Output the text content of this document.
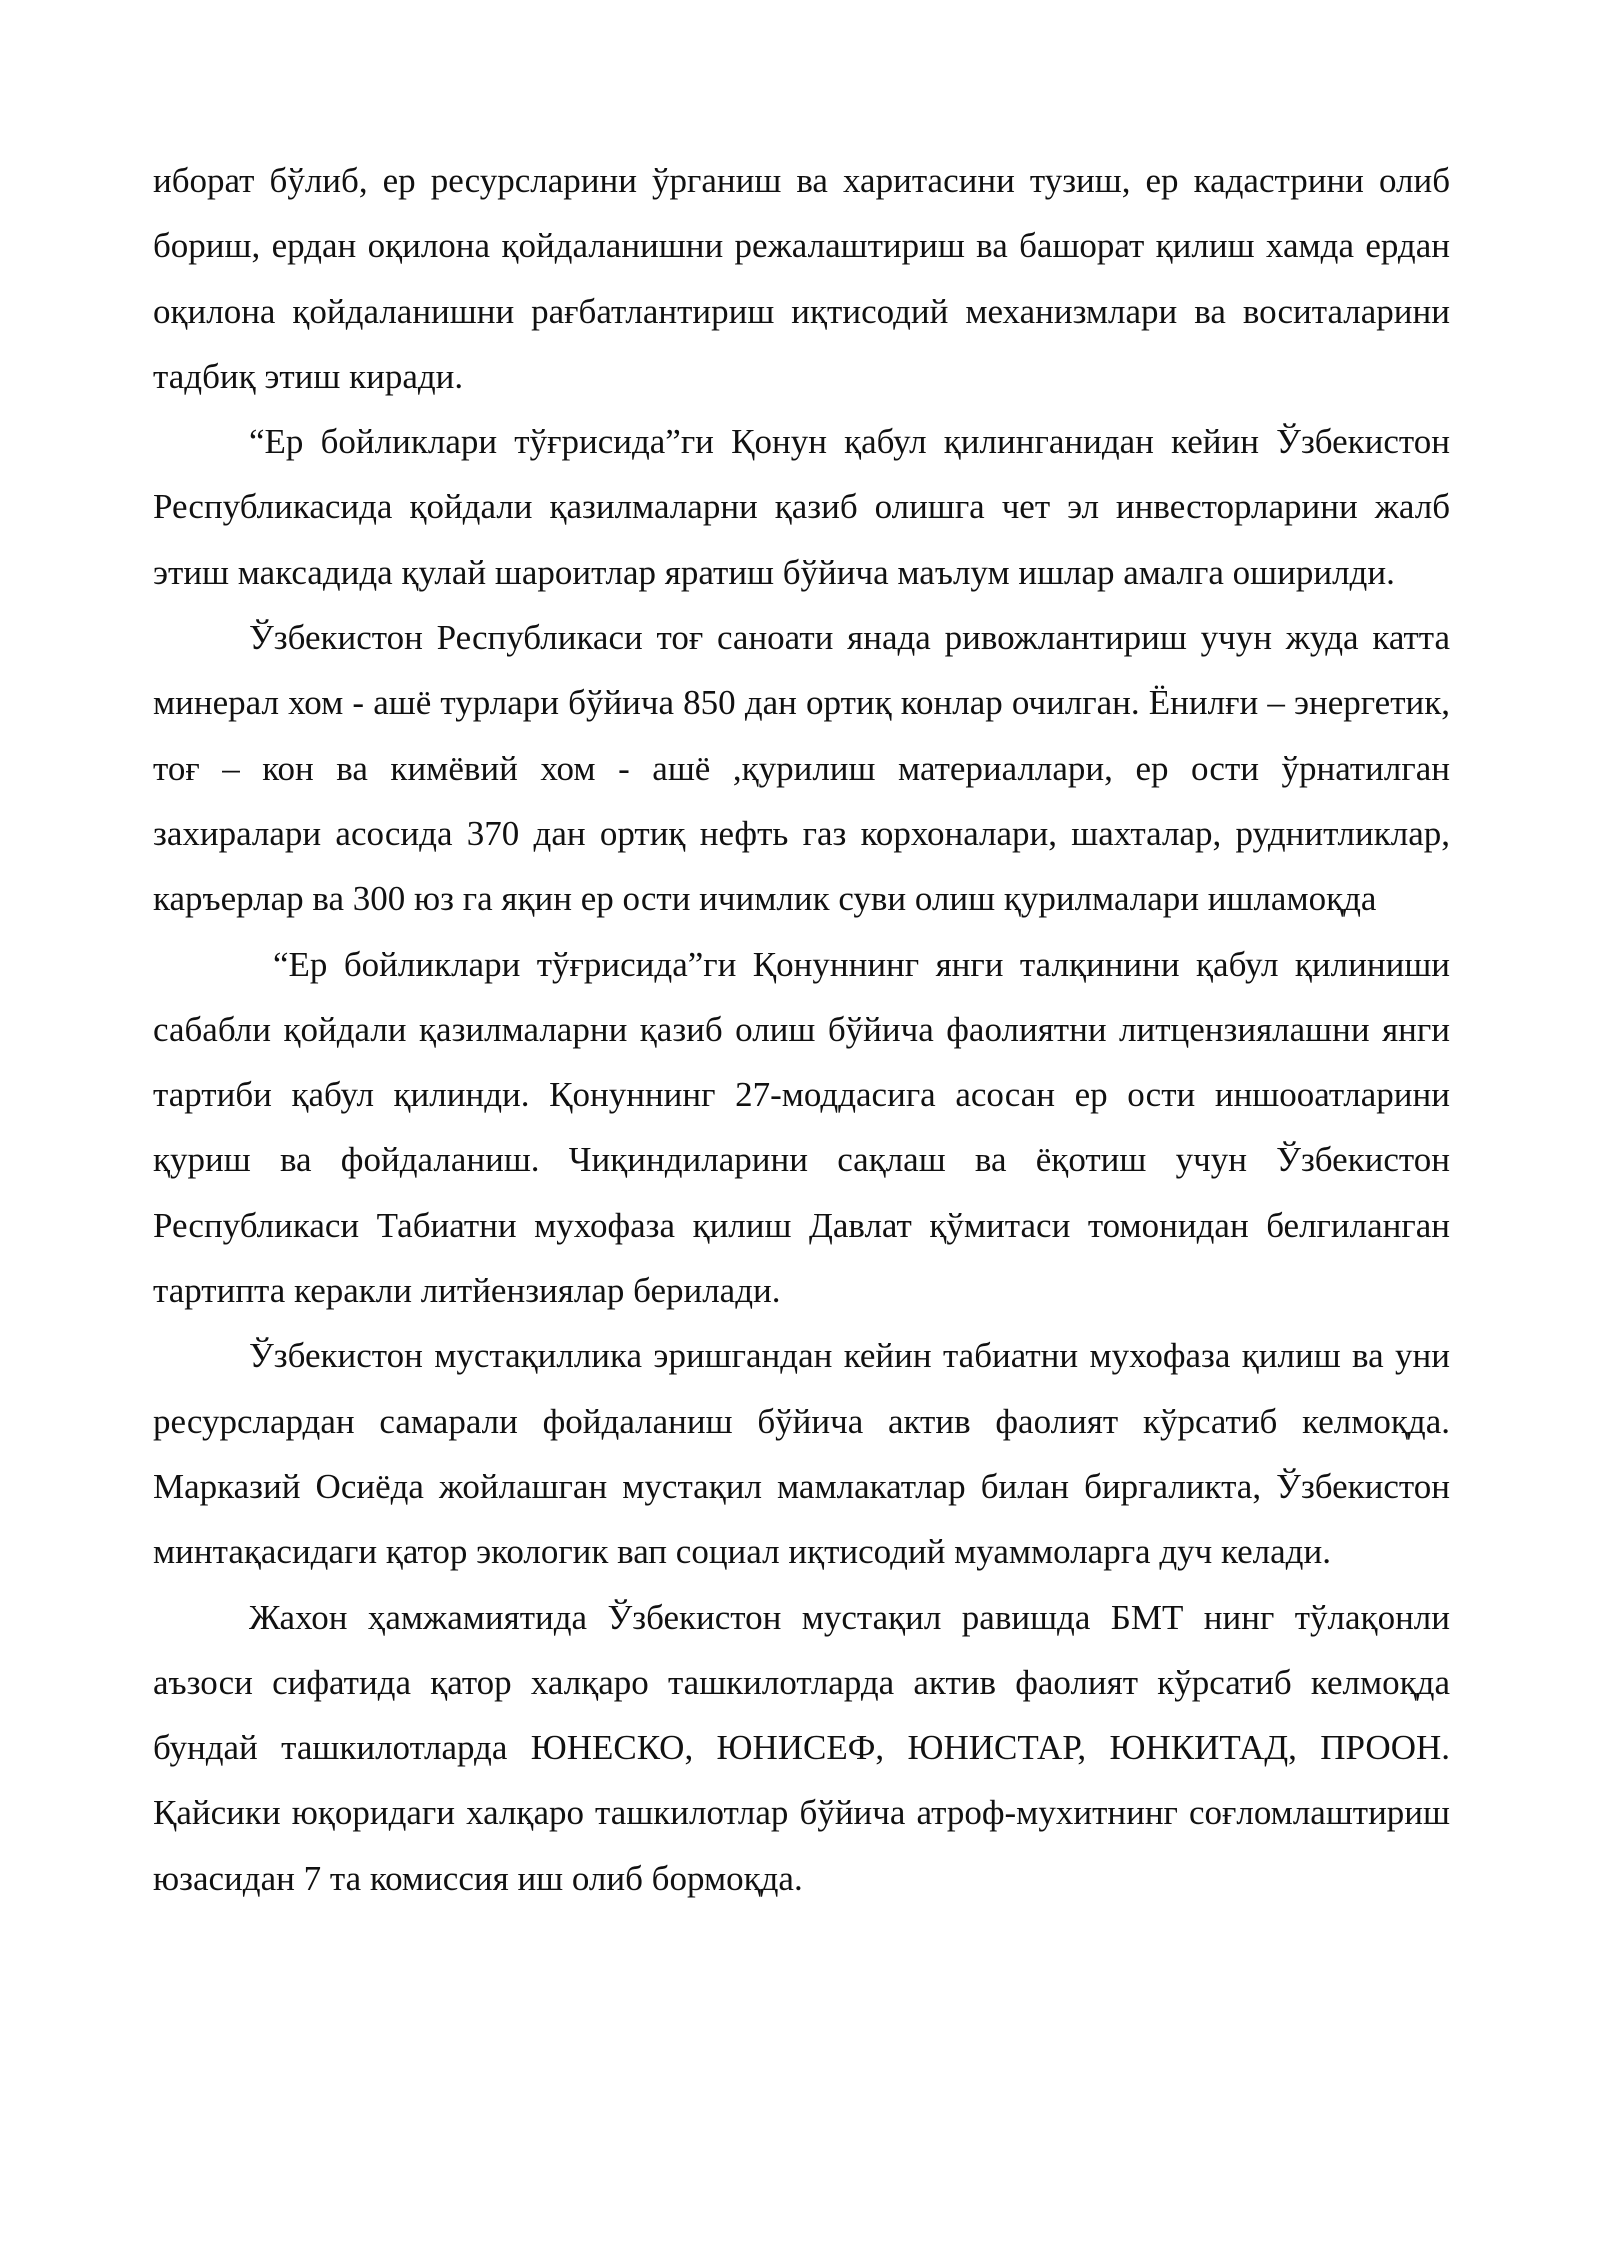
иборат бўлиб, ер ресурсларини ўрганиш ва харитасини тузиш, ер кадастрини олиб бориш, ердан оқилона қойдаланишни режалаштириш ва башорат қилиш хамда ердан оқилона қойдаланишни рағбатлантириш иқтисодий механизмлари ва воситаларини тадбиқ этиш киради.

“Ер бойликлари тўғрисида”ги Қонун қабул қилинганидан кейин Ўзбекистон Республикасида қойдали қазилмаларни қазиб олишга чет эл инвесторларини жалб этиш максадида қулай шароитлар яратиш бўйича маълум ишлар амалга оширилди.

Ўзбекистон Республикаси тоғ саноати янада ривожлантириш учун жуда катта минерал хом - ашё турлари бўйича 850 дан ортиқ конлар очилган. Ёнилғи – энергетик, тоғ – кон ва кимёвий хом - ашё ,қурилиш материаллари, ер ости ўрнатилган захиралари асосида 370 дан ортиқ нефть газ корхоналари, шахталар, руднитликлар, каръерлар ва 300 юз га яқин ер ости ичимлик суви олиш қурилмалари ишламоқда

“Ер бойликлари тўғрисида”ги Қонуннинг янги талқинини қабул қилиниши сабабли қойдали қазилмаларни қазиб олиш бўйича фаолиятни литцензиялашни янги тартиби қабул қилинди. Қонуннинг 27-моддасига асосан ер ости иншооатларини қуриш ва фойдаланиш. Чиқиндиларини сақлаш ва ёқотиш учун Ўзбекистон Республикаси Табиатни мухофаза қилиш Давлат қўмитаси томонидан белгиланган тартипта керакли литйензиялар берилади.

Ўзбекистон мустақиллика эришгандан кейин табиатни мухофаза қилиш ва уни ресурслардан самарали фойдаланиш бўйича актив фаолият кўрсатиб келмоқда. Марказий Осиёда жойлашган мустақил мамлакатлар билан биргаликта, Ўзбекистон минтақасидаги қатор экологик вап социал иқтисодий муаммоларга дуч келади.

Жахон ҳамжамиятида Ўзбекистон мустақил равишда БМТ нинг тўлақонли аъзоси сифатида қатор халқаро ташкилотларда актив фаолият кўрсатиб келмоқда бундай ташкилотларда ЮНЕСКО, ЮНИСЕФ, ЮНИСТАР, ЮНКИТАД, ПРООН. Қайсики юқоридаги халқаро ташкилотлар бўйича атроф-мухитнинг соғломлаштириш юзасидан 7 та комиссия иш олиб бормоқда.
